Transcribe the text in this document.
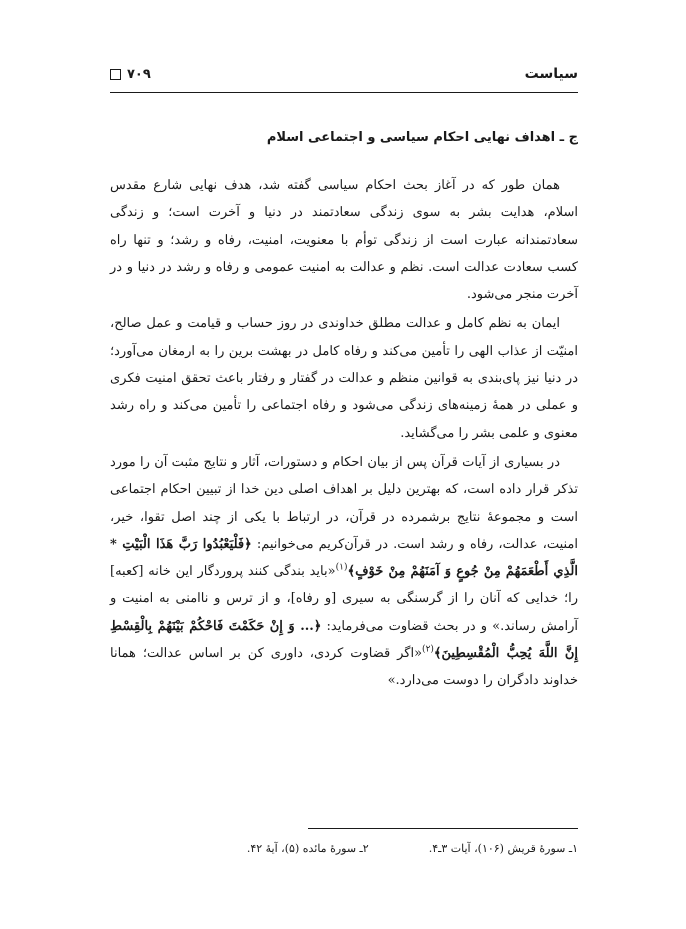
سیاست
۷۰۹
ج ـ اهداف نهایی احکام سیاسی و اجتماعی اسلام

همان طور که در آغاز بحث احکام سیاسی گفته شد، هدف نهایی شارع مقدس اسلام، هدایت بشر به سوی زندگی سعادتمند در دنیا و آخرت است؛ و زندگی سعادتمندانه عبارت است از زندگی توأم با معنویت، امنیت، رفاه و رشد؛ و تنها راه کسب سعادت عدالت است. نظم و عدالت به امنیت عمومی و رفاه و رشد در دنیا و در آخرت منجر می‌شود.

ایمان به نظم کامل و عدالت مطلق خداوندی در روز حساب و قیامت و عمل صالح، امنیّت از عذاب الهی را تأمین می‌کند و رفاه کامل در بهشت برین را به ارمغان می‌آورد؛ در دنیا نیز پای‌بندی به قوانین منظم و عدالت در گفتار و رفتار باعث تحقق امنیت فکری و عملی در همهٔ زمینه‌های زندگی می‌شود و رفاه اجتماعی را تأمین می‌کند و راه رشد معنوی و علمی بشر را می‌گشاید.

در بسیاری از آیات قرآن پس از بیان احکام و دستورات، آثار و نتایج مثبت آن را مورد تذکر قرار داده است، که بهترین دلیل بر اهداف اصلی دین خدا از تبیین احکام اجتماعی است و مجموعهٔ نتایج برشمرده در قرآن، در ارتباط با یکی از چند اصل تقوا، خیر، امنیت، عدالت، رفاه و رشد است. در قرآن‌کریم می‌خوانیم: ﴿فَلْيَعْبُدُوا رَبَّ هَذَا الْبَيْتِ * الَّذِي أَطْعَمَهُمْ مِنْ جُوعٍ وَ آمَنَهُمْ مِنْ خَوْفٍ﴾$^{(۱)}$«باید بندگی کنند پروردگار این خانه [کعبه] را؛ خدایی که آنان را از گرسنگی به سیری [و رفاه]، و از ترس و ناامنی به امنیت و آرامش رساند.» و در بحث قضاوت می‌فرماید: ﴿... وَ إِنْ حَكَمْتَ فَاحْكُمْ بَيْنَهُمْ بِالْقِسْطِ إِنَّ اللَّهَ يُحِبُّ الْمُقْسِطِينَ﴾$^{(۲)}$«اگر قضاوت کردی، داوری کن بر اساس عدالت؛ همانا خداوند دادگران را دوست می‌دارد.»

۱ـ سورهٔ قریش (۱۰۶)، آیات ۳ـ۴.
۲ـ سورهٔ مائده (۵)، آیهٔ ۴۲.
